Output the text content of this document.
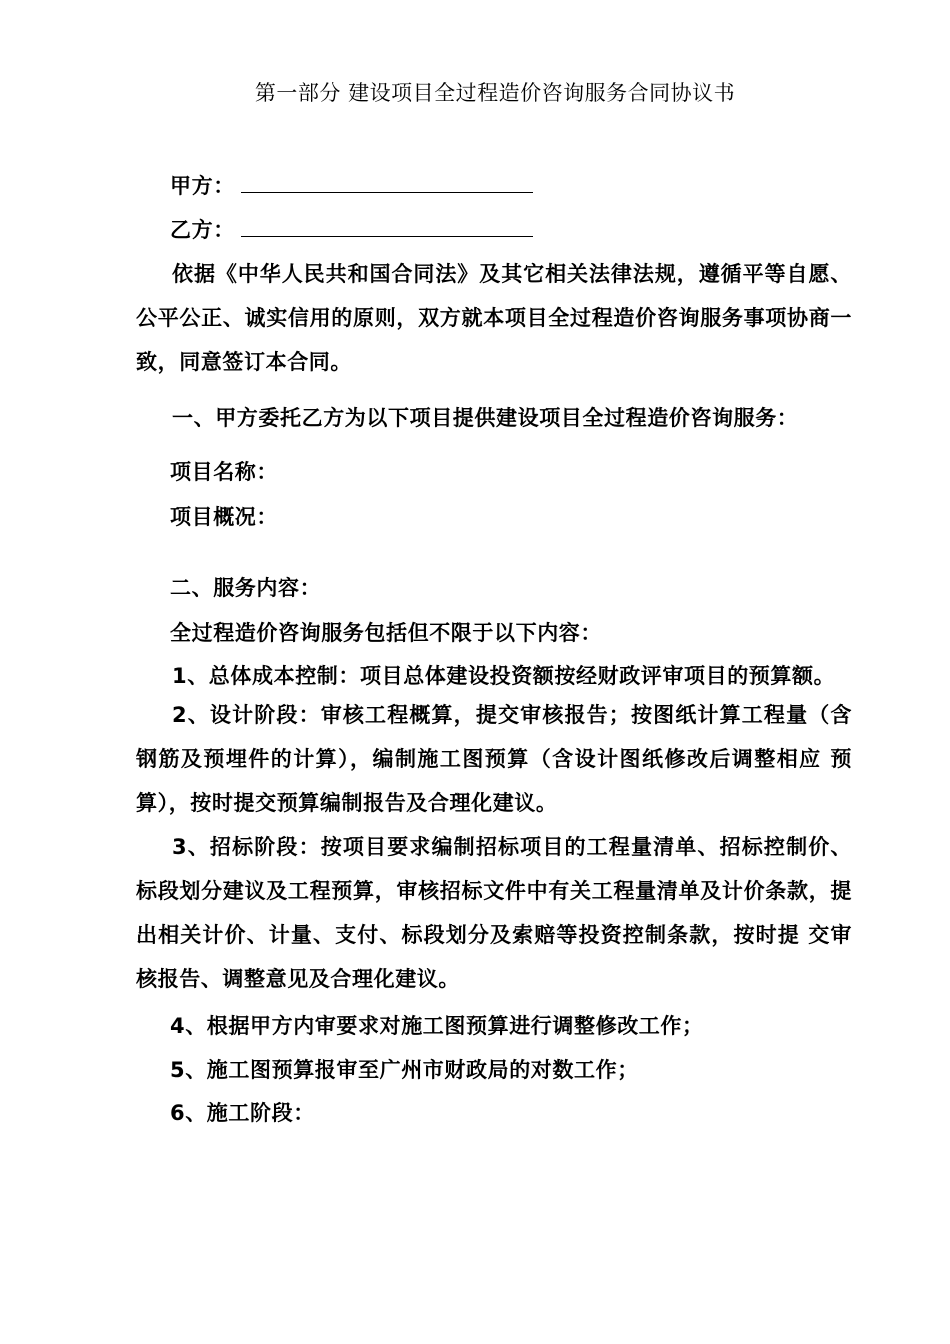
第一部分 建设项目全过程造价咨询服务合同协议书
甲方：
乙方：
依据《中华人民共和国合同法》及其它相关法律法规，遵循平等自愿、公平公正、诚实信用的原则，双方就本项目全过程造价咨询服务事项协商一致，同意签订本合同。
一、甲方委托乙方为以下项目提供建设项目全过程造价咨询服务：
项目名称：
项目概况：
二、服务内容：
全过程造价咨询服务包括但不限于以下内容：
1、总体成本控制：项目总体建设投资额按经财政评审项目的预算额。
2、设计阶段：审核工程概算，提交审核报告；按图纸计算工程量（含钢筋及预埋件的计算），编制施工图预算（含设计图纸修改后调整相应 预算），按时提交预算编制报告及合理化建议。
3、招标阶段：按项目要求编制招标项目的工程量清单、招标控制价、标段划分建议及工程预算，审核招标文件中有关工程量清单及计价条款，提出相关计价、计量、支付、标段划分及索赔等投资控制条款，按时提 交审核报告、调整意见及合理化建议。
4、根据甲方内审要求对施工图预算进行调整修改工作；
5、施工图预算报审至广州市财政局的对数工作；
6、施工阶段：
